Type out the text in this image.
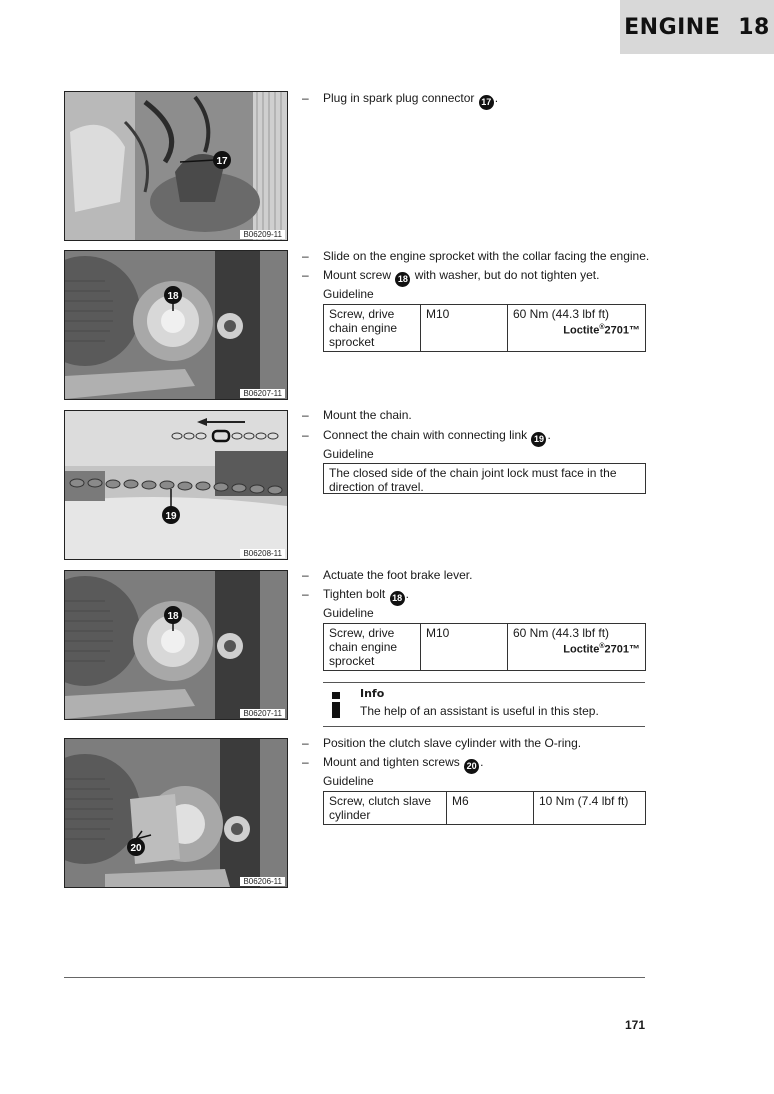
ENGINE 18
17
B06209-11
18
B06207-11
19
B06208-11
18
B06207-11
20
B06206-11
– Plug in spark plug connector 17 .
– Slide on the engine sprocket with the collar facing the engine.
– Mount screw 18 with washer, but do not tighten yet.
Guideline
Screw, drive chain engine sprocket	M10	60 Nm (44.3 lbf ft)
Loctite®2701™
– Mount the chain.
– Connect the chain with connecting link 19 .
Guideline
The closed side of the chain joint lock must face in the direction of travel.
– Actuate the foot brake lever.
– Tighten bolt 18 .
Guideline
Screw, drive chain engine sprocket	M10	60 Nm (44.3 lbf ft)
Loctite®2701™
Info
The help of an assistant is useful in this step.
– Position the clutch slave cylinder with the O-ring.
– Mount and tighten screws 20 .
Guideline
Screw, clutch slave cylinder	M6	10 Nm (7.4 lbf ft)
171
